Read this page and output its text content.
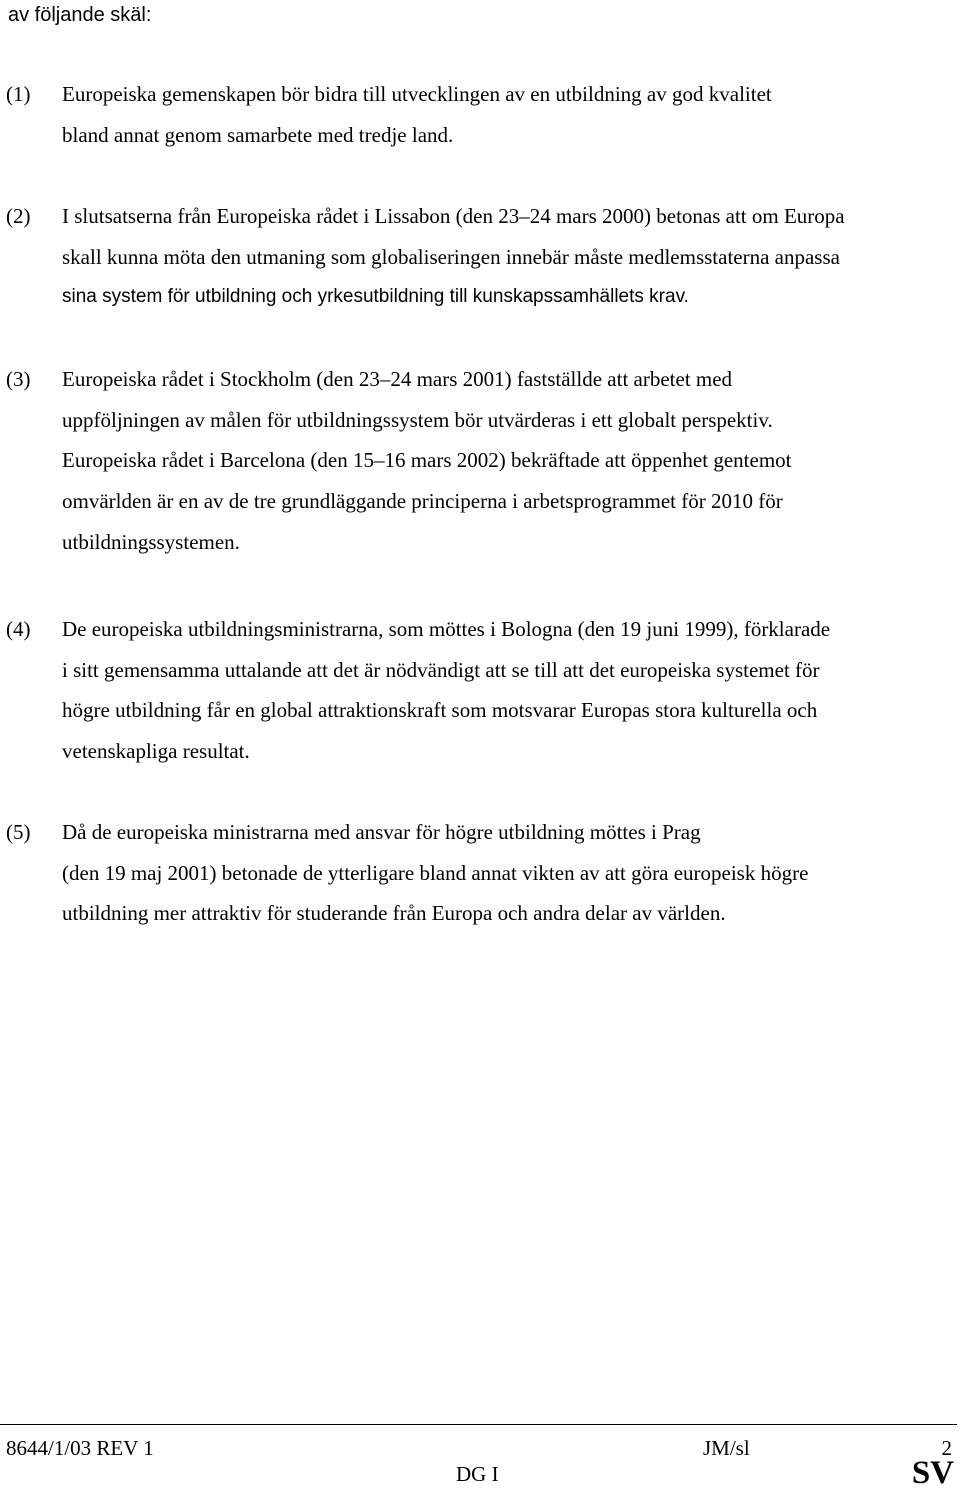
av följande skäl:
(1) Europeiska gemenskapen bör bidra till utvecklingen av en utbildning av god kvalitet
bland annat genom samarbete med tredje land.
(2) I slutsatserna från Europeiska rådet i Lissabon (den 23–24 mars 2000) betonas att om Europa
skall kunna möta den utmaning som globaliseringen innebär måste medlemsstaterna anpassa
sina system för utbildning och yrkesutbildning till kunskapssamhällets krav.
(3) Europeiska rådet i Stockholm (den 23–24 mars 2001) fastställde att arbetet med
uppföljningen av målen för utbildningssystem bör utvärderas i ett globalt perspektiv.
Europeiska rådet i Barcelona (den 15–16 mars 2002) bekräftade att öppenhet gentemot
omvärlden är en av de tre grundläggande principerna i arbetsprogrammet för 2010 för
utbildningssystemen.
(4) De europeiska utbildningsministrarna, som möttes i Bologna (den 19 juni 1999), förklarade
i sitt gemensamma uttalande att det är nödvändigt att se till att det europeiska systemet för
högre utbildning får en global attraktionskraft som motsvarar Europas stora kulturella och
vetenskapliga resultat.
(5) Då de europeiska ministrarna med ansvar för högre utbildning möttes i Prag
(den 19 maj 2001) betonade de ytterligare bland annat vikten av att göra europeisk högre
utbildning mer attraktiv för studerande från Europa och andra delar av världen.
8644/1/03 REV 1	JM/sl	2
DG I	SV
